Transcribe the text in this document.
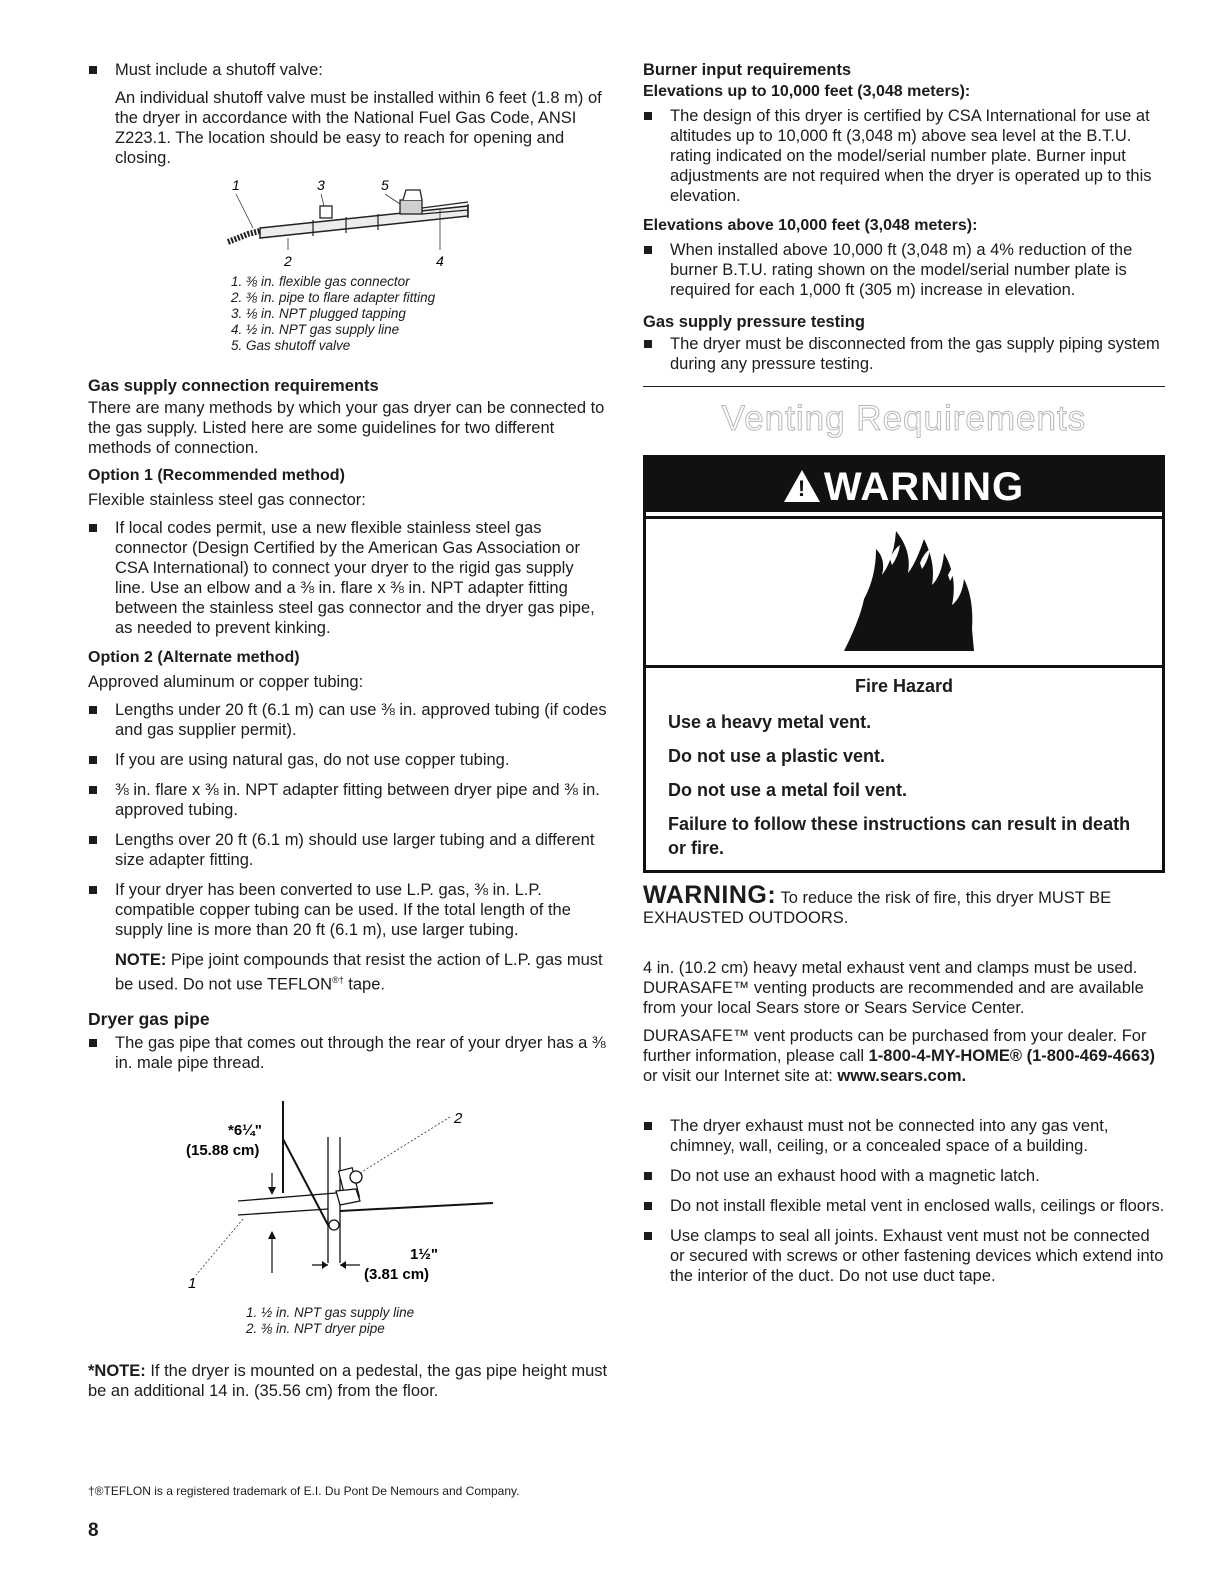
Must include a shutoff valve:

An individual shutoff valve must be installed within 6 feet (1.8 m) of the dryer in accordance with the National Fuel Gas Code, ANSI Z223.1. The location should be easy to reach for opening and closing.

1	3	5
2	4
1. ⅜ in. flexible gas connector
2. ⅜ in. pipe to flare adapter fitting
3. ⅛ in. NPT plugged tapping
4. ½ in. NPT gas supply line
5. Gas shutoff valve
Gas supply connection requirements

There are many methods by which your gas dryer can be connected to the gas supply. Listed here are some guidelines for two different methods of connection.

Option 1 (Recommended method)

Flexible stainless steel gas connector:

If local codes permit, use a new flexible stainless steel gas connector (Design Certified by the American Gas Association or CSA International) to connect your dryer to the rigid gas supply line. Use an elbow and a ⅜ in. flare x ⅜ in. NPT adapter fitting between the stainless steel gas connector and the dryer gas pipe, as needed to prevent kinking.
Option 2 (Alternate method)

Approved aluminum or copper tubing:

Lengths under 20 ft (6.1 m) can use ⅜ in. approved tubing (if codes and gas supplier permit).
If you are using natural gas, do not use copper tubing.
⅜ in. flare x ⅜ in. NPT adapter fitting between dryer pipe and ⅜ in. approved tubing.
Lengths over 20 ft (6.1 m) should use larger tubing and a different size adapter fitting.
If your dryer has been converted to use L.P. gas, ⅜ in. L.P. compatible copper tubing can be used. If the total length of the supply line is more than 20 ft (6.1 m), use larger tubing.

NOTE: Pipe joint compounds that resist the action of L.P. gas must be used. Do not use TEFLON®† tape.

Dryer gas pipe
The gas pipe that comes out through the rear of your dryer has a ⅜ in. male pipe thread.
*6¼"
(15.88 cm)
2
1
1½"
(3.81 cm)
1. ½ in. NPT gas supply line
2. ⅜ in. NPT dryer pipe

*NOTE: If the dryer is mounted on a pedestal, the gas pipe height must be an additional 14 in. (35.56 cm) from the floor.

Burner input requirements
Elevations up to 10,000 feet (3,048 meters):
The design of this dryer is certified by CSA International for use at altitudes up to 10,000 ft (3,048 m) above sea level at the B.T.U. rating indicated on the model/serial number plate. Burner input adjustments are not required when the dryer is operated up to this elevation.
Elevations above 10,000 feet (3,048 meters):
When installed above 10,000 ft (3,048 m) a 4% reduction of the burner B.T.U. rating shown on the model/serial number plate is required for each 1,000 ft (305 m) increase in elevation.
Gas supply pressure testing
The dryer must be disconnected from the gas supply piping system during any pressure testing.
Venting Requirements
! WARNING
Fire Hazard
Use a heavy metal vent.
Do not use a plastic vent.
Do not use a metal foil vent.
Failure to follow these instructions can result in death or fire.

WARNING: To reduce the risk of fire, this dryer MUST BE EXHAUSTED OUTDOORS.

4 in. (10.2 cm) heavy metal exhaust vent and clamps must be used. DURASAFE™ venting products are recommended and are available from your local Sears store or Sears Service Center.

DURASAFE™ vent products can be purchased from your dealer. For further information, please call 1-800-4-MY-HOME® (1-800-469-4663) or visit our Internet site at: www.sears.com.

The dryer exhaust must not be connected into any gas vent, chimney, wall, ceiling, or a concealed space of a building.
Do not use an exhaust hood with a magnetic latch.
Do not install flexible metal vent in enclosed walls, ceilings or floors.
Use clamps to seal all joints. Exhaust vent must not be connected or secured with screws or other fastening devices which extend into the interior of the duct. Do not use duct tape.
†®TEFLON is a registered trademark of E.I. Du Pont De Nemours and Company.
8
